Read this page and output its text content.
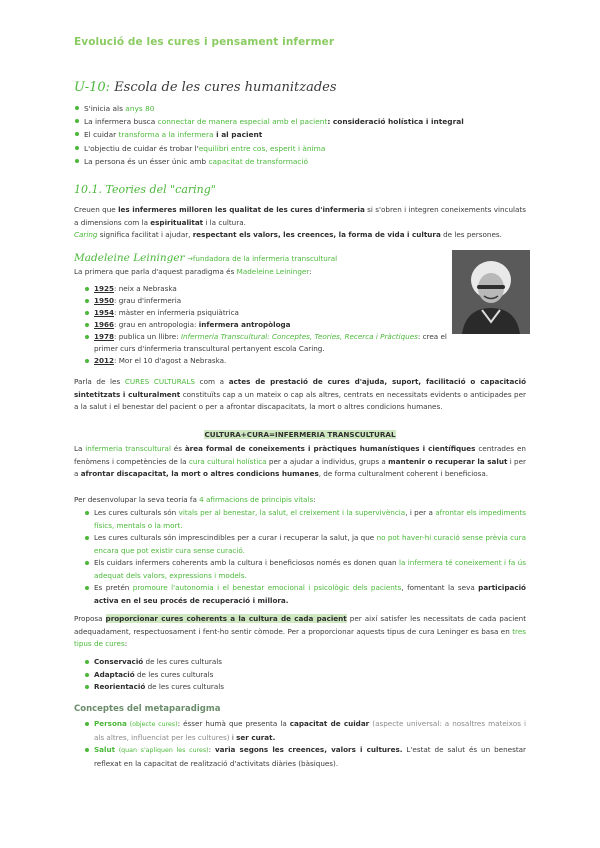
Evolució de les cures i pensament infermer
U-10: Escola de les cures humanitzades
S'inicia als anys 80
La infermera busca connectar de manera especial amb el pacient: consideració holística i integral
El cuidar transforma a la infermera i al pacient
L'objectiu de cuidar és trobar l'equilibri entre cos, esperit i ànima
La persona és un ésser únic amb capacitat de transformació
10.1. Teories del "caring"
Creuen que les infermeres milloren les qualitat de les cures d'infermeria si s'obren i integren coneixements vinculats a dimensions com la espiritualitat i la cultura.
Caring significa facilitat i ajudar, respectant els valors, les creences, la forma de vida i cultura de les persones.
Madeleine Leininger →fundadora de la infermeria transcultural
La primera que parla d'aquest paradigma és Madeleine Leininger:
1925: neix a Nebraska
1950: grau d'infermeria
1954: màster en infermeria psiquiàtrica
1966: grau en antropologia: infermera antropòloga
1978: publica un llibre: Infermeria Transcultural: Conceptes, Teories, Recerca i Pràctiques: crea el primer curs d'infermeria transcultural pertanyent escola Caring.
2012: Mor el 10 d'agost a Nebraska.
Parla de les CURES CULTURALS com a actes de prestació de cures d'ajuda, suport, facilitació o capacitació sintetitzats i culturalment constituïts cap a un mateix o cap als altres, centrats en necessitats evidents o anticipades per a la salut i el benestar del pacient o per a afrontar discapacitats, la mort o altres condicions humanes.
CULTURA+CURA=INFERMERIA TRANSCULTURAL
La infermeria transcultural és àrea formal de coneixements i pràctiques humanístiques i científiques centrades en fenòmens i competències de la cura cultural holística per a ajudar a individus, grups a mantenir o recuperar la salut i per a afrontar discapacitat, la mort o altres condicions humanes, de forma culturalment coherent i beneficiosa.
Per desenvolupar la seva teoria fa 4 afirmacions de principis vitals:
Les cures culturals són vitals per al benestar, la salut, el creixement i la supervivència, i per a afrontar els impediments físics, mentals o la mort.
Les cures culturals són imprescindibles per a curar i recuperar la salut, ja que no pot haver-hi curació sense prèvia cura encara que pot existir cura sense curació.
Els cuidars infermers coherents amb la cultura i beneficiosos només es donen quan la infermera té coneixement i fa ús adequat dels valors, expressions i models.
Es pretén promoure l'autonomia i el benestar emocional i psicològic dels pacients, fomentant la seva participació activa en el seu procés de recuperació i millora.
Proposa proporcionar cures coherents a la cultura de cada pacient per així satisfer les necessitats de cada pacient adequadament, respectuosament i fent-ho sentir còmode. Per a proporcionar aquests tipus de cura Leninger es basa en tres tipus de cures:
Conservació de les cures culturals
Adaptació de les cures culturals
Reorientació de les cures culturals
Conceptes del metaparadigma
Persona (objecte cures): ésser humà que presenta la capacitat de cuidar (aspecte universal: a nosaltres mateixos i als altres, influenciat per les cultures) i ser curat.
Salut (quan s'apliquen les cures): varia segons les creences, valors i cultures. L'estat de salut és un benestar reflexat en la capacitat de realització d'activitats diàries (bàsiques).
